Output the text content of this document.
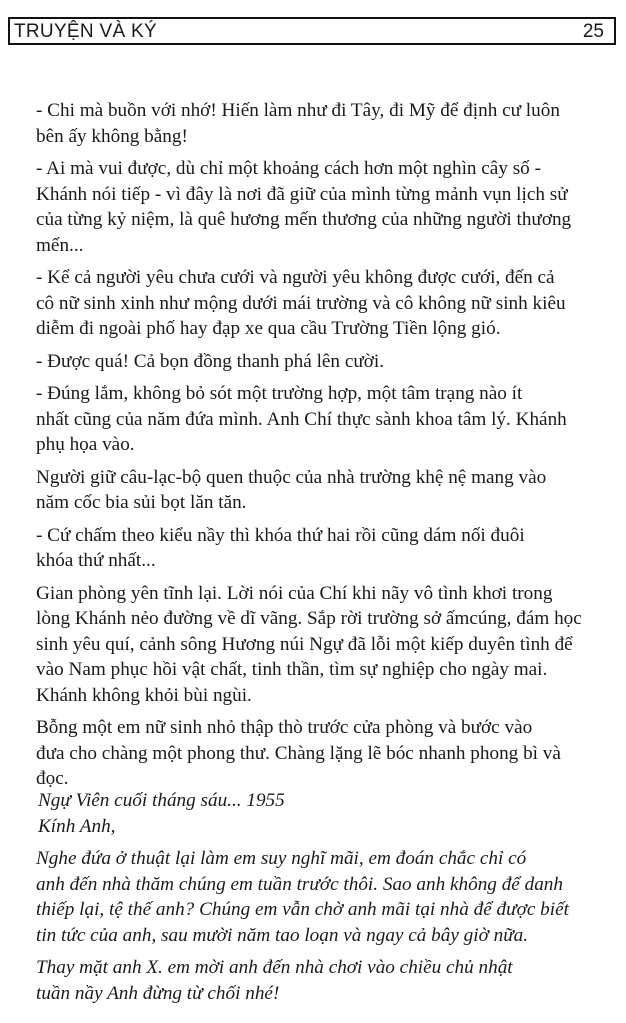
TRUYỆN VÀ KÝ	25

- Chi mà buồn với nhớ! Hiến làm như đi Tây, đi Mỹ để định cư luôn
bên ấy không bằng!

- Ai mà vui được, dù chỉ một khoảng cách hơn một nghìn cây số -
Khánh nói tiếp - vì đây là nơi đã giữ của mình từng mảnh vụn lịch sử
của từng kỷ niệm, là quê hương mến thương của những người thương
mến...

- Kể cả người yêu chưa cưới và người yêu không được cưới, đến cả
cô nữ sinh xinh như mộng dưới mái trường và cô không nữ sinh kiêu
diễm đi ngoài phố hay đạp xe qua cầu Trường Tiền lộng gió.

- Được quá! Cả bọn đồng thanh phá lên cười.

- Đúng lắm, không bỏ sót một trường hợp, một tâm trạng nào ít
nhất cũng của năm đứa mình. Anh Chí thực sành khoa tâm lý. Khánh
phụ họa vào.

Người giữ câu-lạc-bộ quen thuộc của nhà trường khệ nệ mang vào
năm cốc bia sủi bọt lăn tăn.

- Cứ chấm theo kiểu nầy thì khóa thứ hai rồi cũng dám nối đuôi
khóa thứ nhất...

Gian phòng yên tĩnh lại. Lời nói của Chí khi nãy vô tình khơi trong
lòng Khánh nẻo đường về dĩ vãng. Sắp rời trường sở ấmcúng, đám học
sinh yêu quí, cảnh sông Hương núi Ngự đã lỗi một kiếp duyên tình để
vào Nam phục hồi vật chất, tinh thần, tìm sự nghiệp cho ngày mai.
Khánh không khỏi bùi ngùi.

Bỗng một em nữ sinh nhỏ thập thò trước cửa phòng và bước vào
đưa cho chàng một phong thư. Chàng lặng lẽ bóc nhanh phong bì và
đọc.

Ngự Viên cuối tháng sáu... 1955

Kính Anh,

Nghe đứa ở thuật lại làm em suy nghĩ mãi, em đoán chắc chỉ có
anh đến nhà thăm chúng em tuần trước thôi. Sao anh không để danh
thiếp lại, tệ thế anh? Chúng em vẫn chờ anh mãi tại nhà để được biết
tin tức của anh, sau mười năm tao loạn và ngay cả bây giờ nữa.

Thay mặt anh X. em mời anh đến nhà chơi vào chiều chủ nhật
tuần nầy Anh đừng từ chối nhé!
